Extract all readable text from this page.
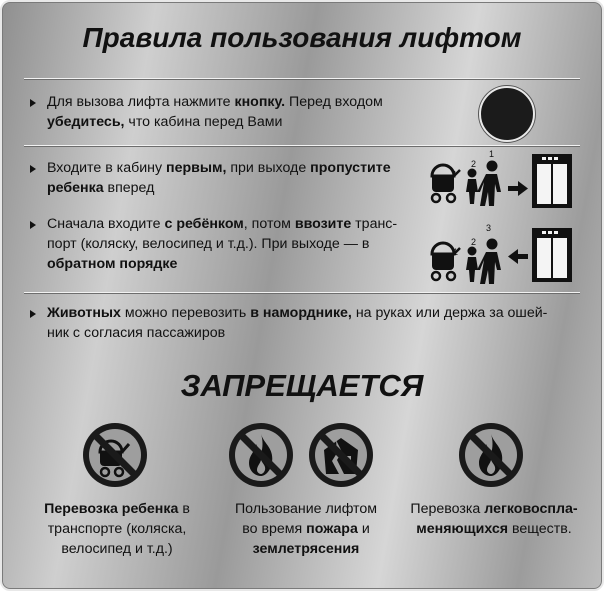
Правила пользования лифтом
Для вызова лифта нажмите кнопку. Перед входом
убедитесь, что кабина перед Вами
Входите в кабину первым, при выходе пропустите
ребенка вперед
Сначала входите с ребёнком, потом ввозите транс-
порт (коляску, велосипед и т.д.). При выходе — в
обратном порядке
3
2
1
1
2
3
Животных можно перевозить в наморднике, на руках или держа за ошей-
ник с согласия пассажиров
ЗАПРЕЩАЕТСЯ
Перевозка ребенка в
транспорте (коляска,
велосипед и т.д.)
Пользование лифтом
во время пожара и
землетрясения
Перевозка легковоспла-
меняющихся веществ.
